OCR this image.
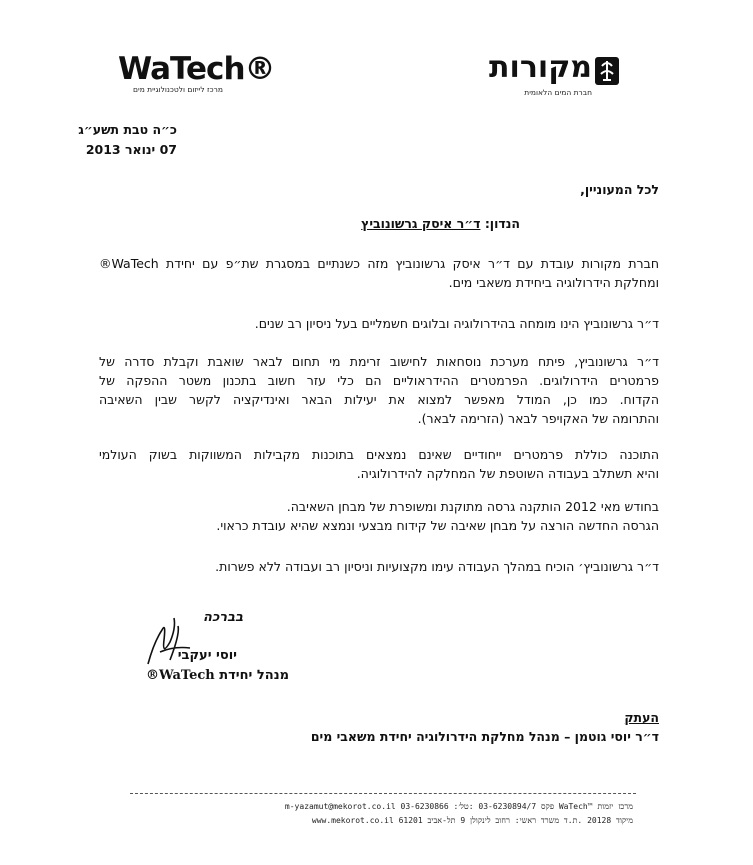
WaTech®
מרכז לייזום ולטכנולוגיית מים
מקורות
חברת המים הלאומית
כ״ה טבת תשע״ג
07 ינואר 2013
לכל המעוניין,
הנדון: ד״ר איסק גרשונוביץ
חברת מקורות עובדת עם ד״ר איסק גרשונוביץ מזה כשנתיים במסגרת שת״פ עם יחידת WaTech®
ומחלקת הידרולוגיה ביחידת משאבי מים.
ד״ר גרשונוביץ הינו מומחה בהידרולוגיה ובלוגים חשמליים בעל ניסיון רב שנים.
ד״ר גרשונוביץ, פיתח מערכת נוסחאות לחישוב זרימת מי תחום לבאר שואבת וקבלת סדרה של
פרמטרים הידרולוגים. הפרמטרים ההידראוליים הם כלי עזר חשוב בתכנון משטר ההפקה של
הקדוח. כמו כן, המודל מאפשר למצוא את יעילות הבאר ואינדיקציה לקשר שבין השאיבה
והתרומה של האקויפר לבאר (הזרימה לבאר).
התוכנה כוללת פרמטרים ייחודיים שאינם נמצאים בתוכנות מקבילות המשווקות בשוק העולמי
והיא תשתלב בעבודה השוטפת של המחלקה להידרולוגיה.
בחודש מאי 2012 הותקנה גרסה מתוקנת ומשופרת של מבחן השאיבה.
הגרסה החדשה הורצה על מבחן שאיבה של קידוח מבצעי ונמצא שהיא עובדת כראוי.
ד״ר גרשונוביץ׳ הוכיח במהלך העבודה עימו מקצועיות וניסיון רב ועבודה ללא פשרות.
בברכה
יוסי יעקבי
מנהל יחידת WaTech®
העתק
ד״ר יוסי גוטמן – מנהל מחלקת הידרולוגיה יחידת משאבי מים
m-yazamut@mekorot.co.il 03-6230866 :פקס 03-6230894/7 :טל׳ WaTech™ מרכז יזמות
www.mekorot.co.il 61201 מיקוד 20128 .ת.ד משרד ראשי: רחוב לינקולן 9 תל-אביב
